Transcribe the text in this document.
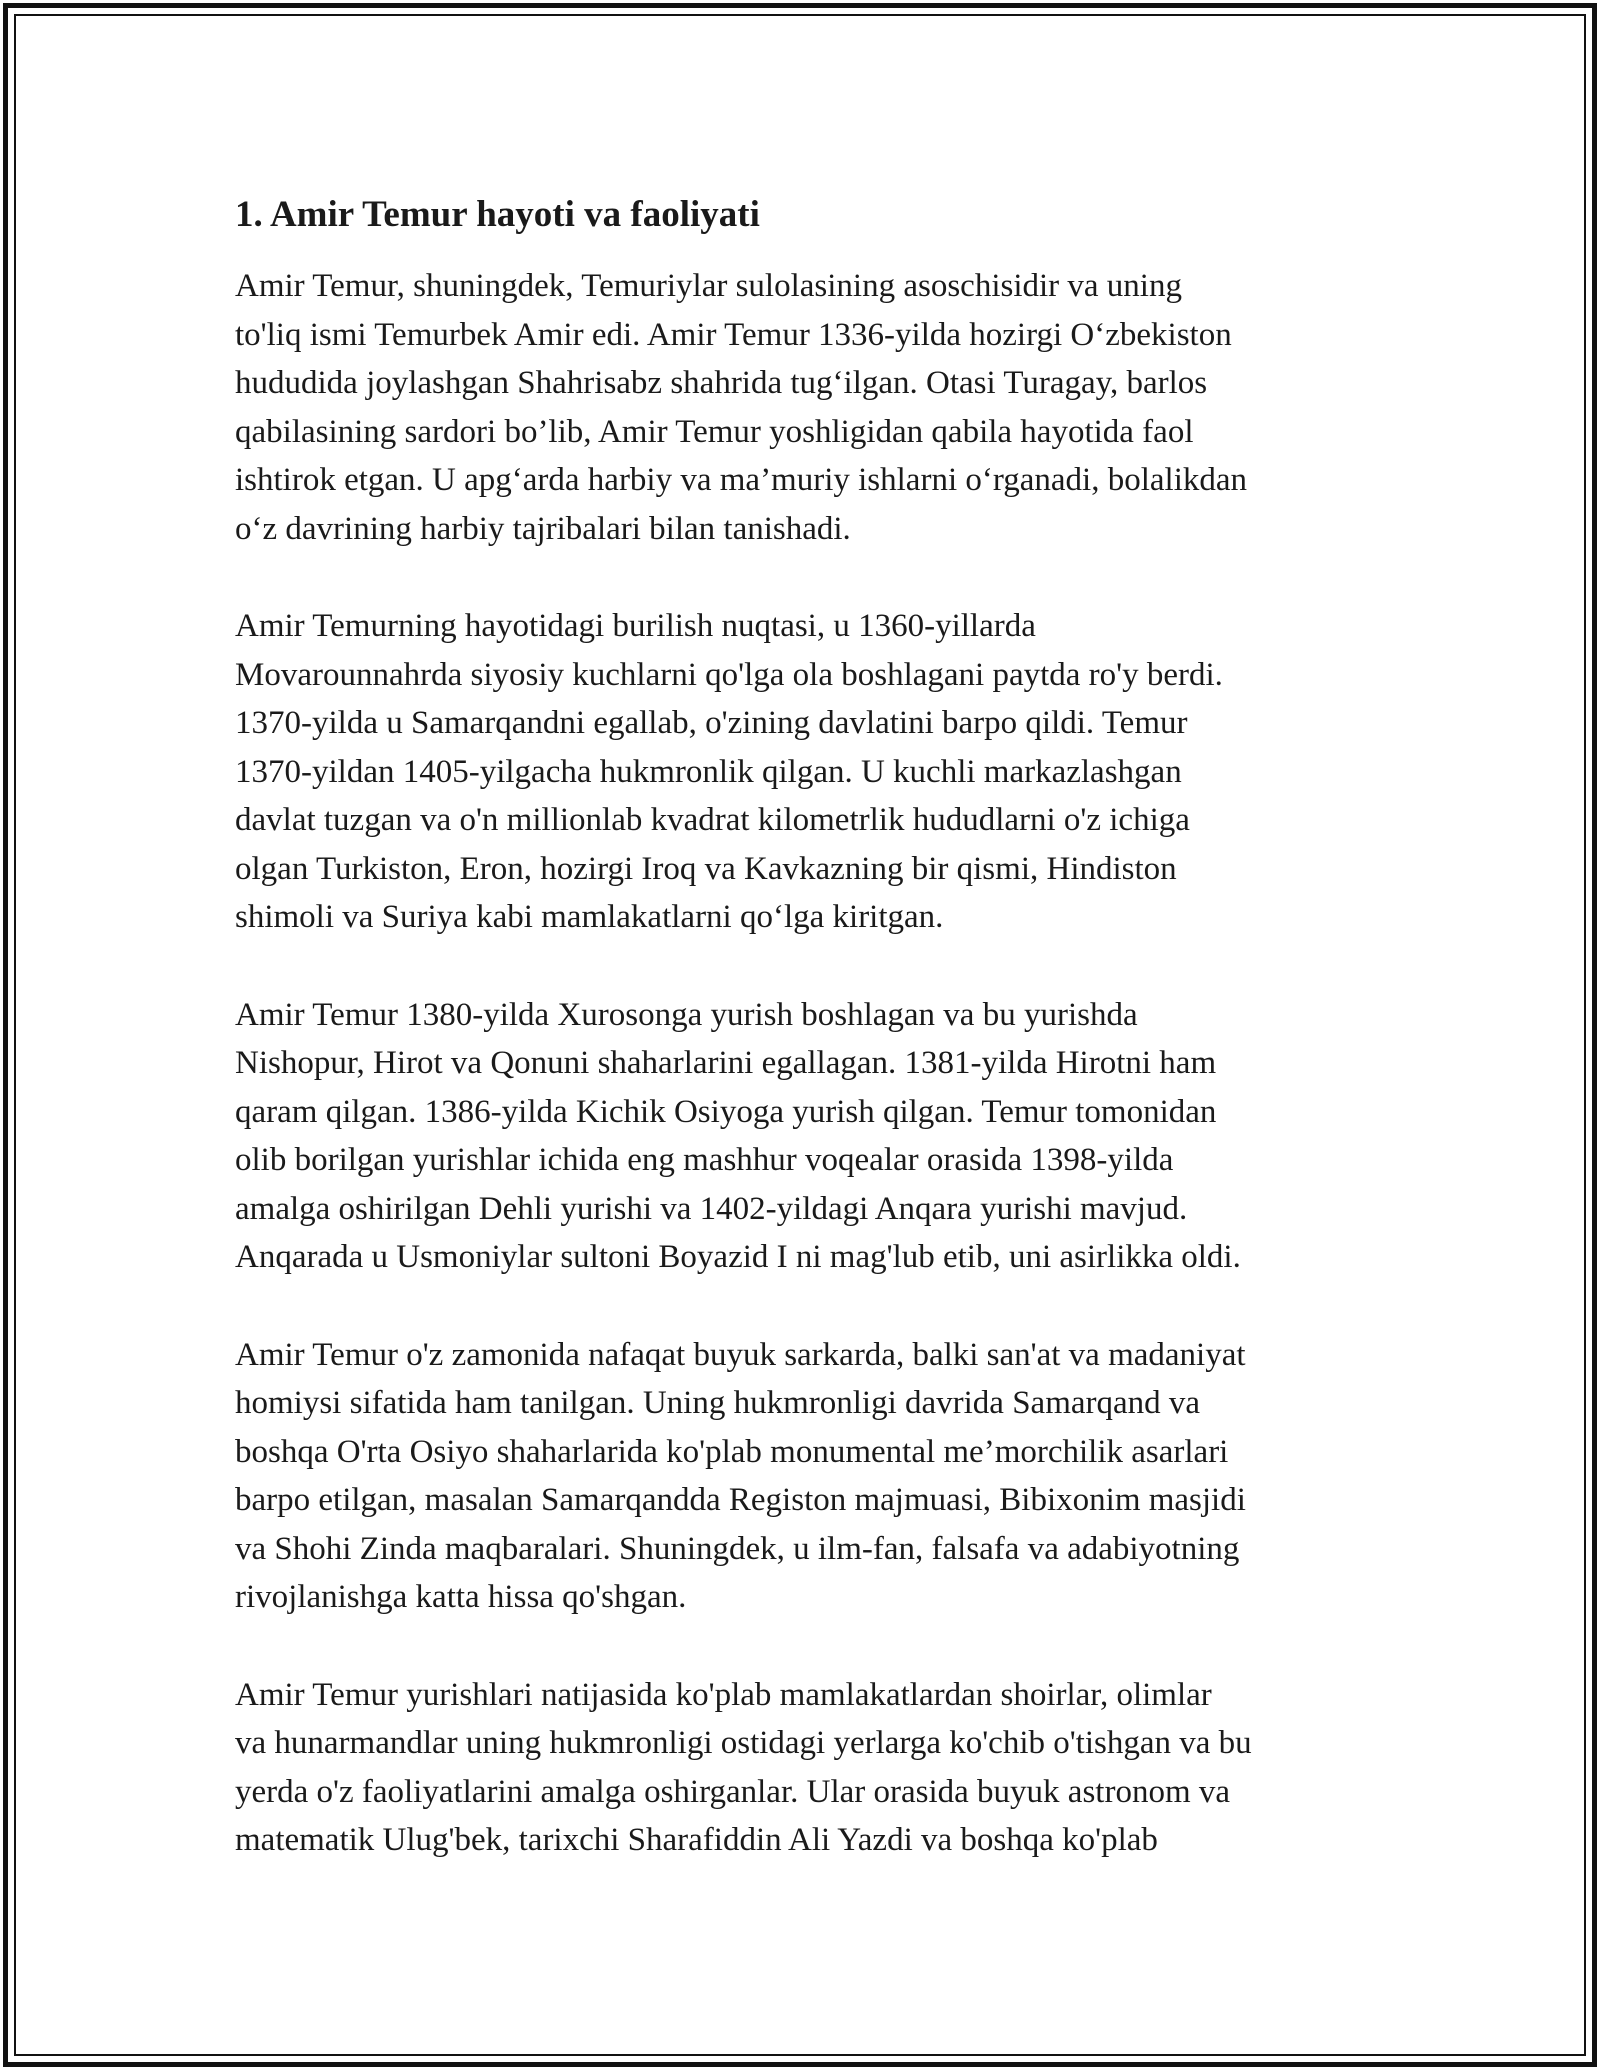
1. Amir Temur hayoti va faoliyati

Amir Temur, shuningdek, Temuriylar sulolasining asoschisidir va uning
to'liq ismi Temurbek Amir edi. Amir Temur 1336-yilda hozirgi O‘zbekiston
hududida joylashgan Shahrisabz shahrida tug‘ilgan. Otasi Turagay, barlos
qabilasining sardori bo’lib, Amir Temur yoshligidan qabila hayotida faol
ishtirok etgan. U apg‘arda harbiy va ma’muriy ishlarni o‘rganadi, bolalikdan
o‘z davrining harbiy tajribalari bilan tanishadi.

Amir Temurning hayotidagi burilish nuqtasi, u 1360-yillarda
Movarounnahrda siyosiy kuchlarni qo'lga ola boshlagani paytda ro'y berdi.
1370-yilda u Samarqandni egallab, o'zining davlatini barpo qildi. Temur
1370-yildan 1405-yilgacha hukmronlik qilgan. U kuchli markazlashgan
davlat tuzgan va o'n millionlab kvadrat kilometrlik hududlarni o'z ichiga
olgan Turkiston, Eron, hozirgi Iroq va Kavkazning bir qismi, Hindiston
shimoli va Suriya kabi mamlakatlarni qo‘lga kiritgan.

Amir Temur 1380-yilda Xurosonga yurish boshlagan va bu yurishda
Nishopur, Hirot va Qonuni shaharlarini egallagan. 1381-yilda Hirotni ham
qaram qilgan. 1386-yilda Kichik Osiyoga yurish qilgan. Temur tomonidan
olib borilgan yurishlar ichida eng mashhur voqealar orasida 1398-yilda
amalga oshirilgan Dehli yurishi va 1402-yildagi Anqara yurishi mavjud.
Anqarada u Usmoniylar sultoni Boyazid I ni mag'lub etib, uni asirlikka oldi.

Amir Temur o'z zamonida nafaqat buyuk sarkarda, balki san'at va madaniyat
homiysi sifatida ham tanilgan. Uning hukmronligi davrida Samarqand va
boshqa O'rta Osiyo shaharlarida ko'plab monumental me’morchilik asarlari
barpo etilgan, masalan Samarqandda Registon majmuasi, Bibixonim masjidi
va Shohi Zinda maqbaralari. Shuningdek, u ilm-fan, falsafa va adabiyotning
rivojlanishga katta hissa qo'shgan.

Amir Temur yurishlari natijasida ko'plab mamlakatlardan shoirlar, olimlar
va hunarmandlar uning hukmronligi ostidagi yerlarga ko'chib o'tishgan va bu
yerda o'z faoliyatlarini amalga oshirganlar. Ular orasida buyuk astronom va
matematik Ulug'bek, tarixchi Sharafiddin Ali Yazdi va boshqa ko'plab
